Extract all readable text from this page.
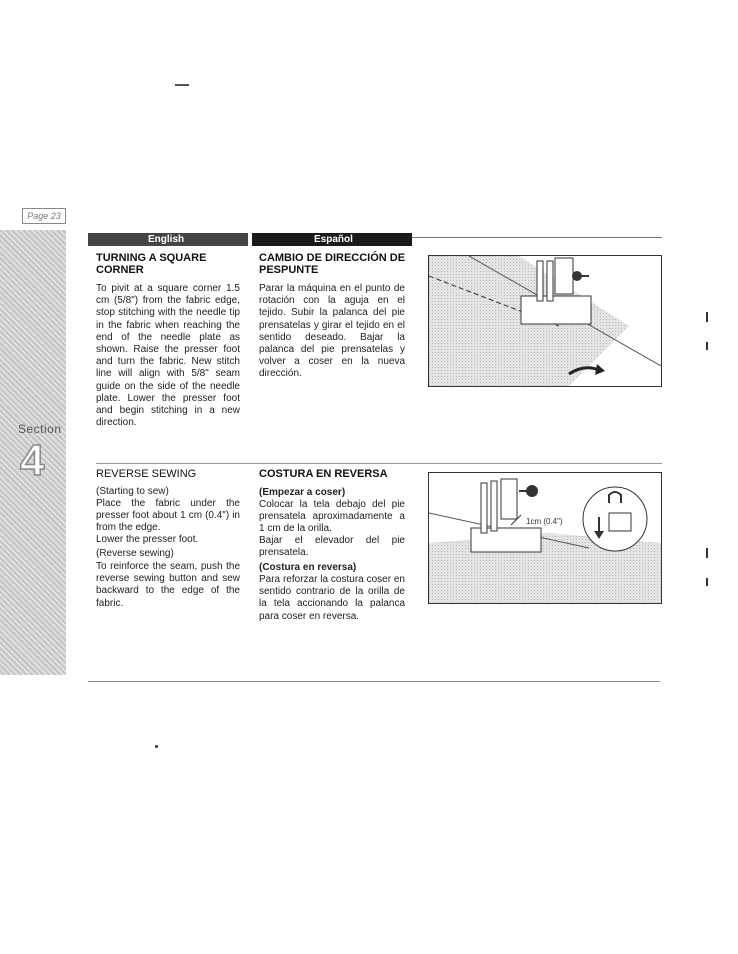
Page 23
Section
4
English	Español
TURNING A SQUARE CORNER
To pivit at a square corner 1.5 cm (5/8") from the fabric edge, stop stitching with the needle tip in the fabric when reaching the end of the needle plate as shown. Raise the presser foot and turn the fabric. New stitch line will align with 5/8" seam guide on the side of the needle plate. Lower the presser foot and begin stitching in a new direction.
CAMBIO DE DIRECCIÓN DE PESPUNTE
Parar la máquina en el punto de rotación con la aguja en el tejido. Subir la palanca del pie prensatelas y girar el tejido en el sentido deseado. Bajar la palanca del pie prensatelas y volver a coser en la nueva dirección.
REVERSE SEWING
(Starting to sew)
Place the fabric under the presser foot about 1 cm (0.4") in from the edge.
Lower the presser foot.
(Reverse sewing)
To reinforce the seam, push the reverse sewing button and sew backward to the edge of the fabric.
COSTURA EN REVERSA
(Empezar a coser)
Colocar la tela debajo del pie prensatela aproximadamente a 1 cm de la orilla.
Bajar el elevador del pie prensatela.
(Costura en reversa)
Para reforzar la costura coser en sentido contrario de la orilla de la tela accionando la palanca para coser en reversa.
1cm (0.4")
